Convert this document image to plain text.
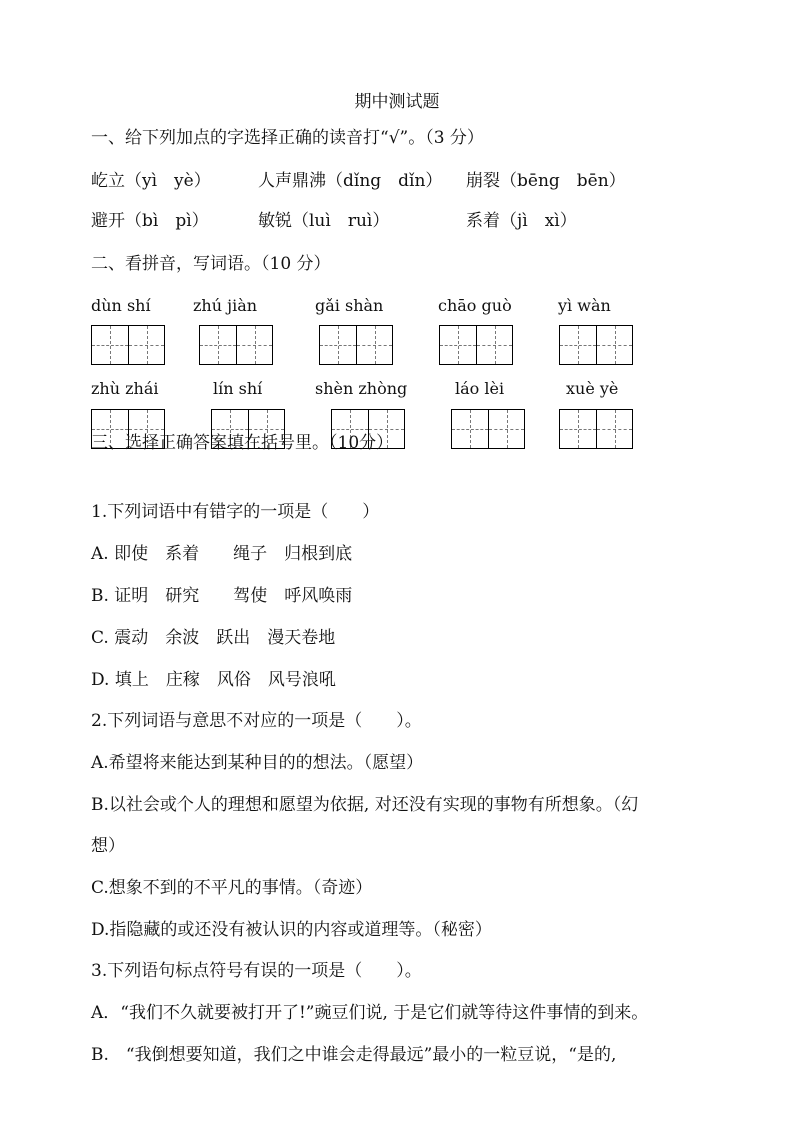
期中测试题
一、给下列加点的字选择正确的读音打“√”。（3 分）
屹立（yì　yè）	人声鼎沸（dǐng　dǐn） 崩裂（bēng　bēn）
避开（bì　pì）	敏锐（luì　ruì）	系着（jì　xì）
二、看拼音，写词语。（10 分）
dùn shí	zhú jiàn	gǎi shàn	chāo guò	yì wàn
zhù zhái	lín shí	shèn zhòng	láo lèi	xuè yè
三、选择正确答案填在括号里。（10分）
1.下列词语中有错字的一项是（　　）
A. 即使　系着　　绳子　归根到底
B. 证明　研究　　驾使　呼风唤雨
C. 震动　余波　跃出　漫天卷地
D. 填上　庄稼　风俗　风号浪吼
2.下列词语与意思不对应的一项是（　　）。
A.希望将来能达到某种目的的想法。（愿望）
B.以社会或个人的理想和愿望为依据, 对还没有实现的事物有所想象。（幻
想）
C.想象不到的不平凡的事情。（奇迹）
D.指隐藏的或还没有被认识的内容或道理等。（秘密）
3.下列语句标点符号有误的一项是（　　）。
A．“我们不久就要被打开了!”豌豆们说, 于是它们就等待这件事情的到来。
B.　“我倒想要知道，我们之中谁会走得最远”最小的一粒豆说，“是的,
